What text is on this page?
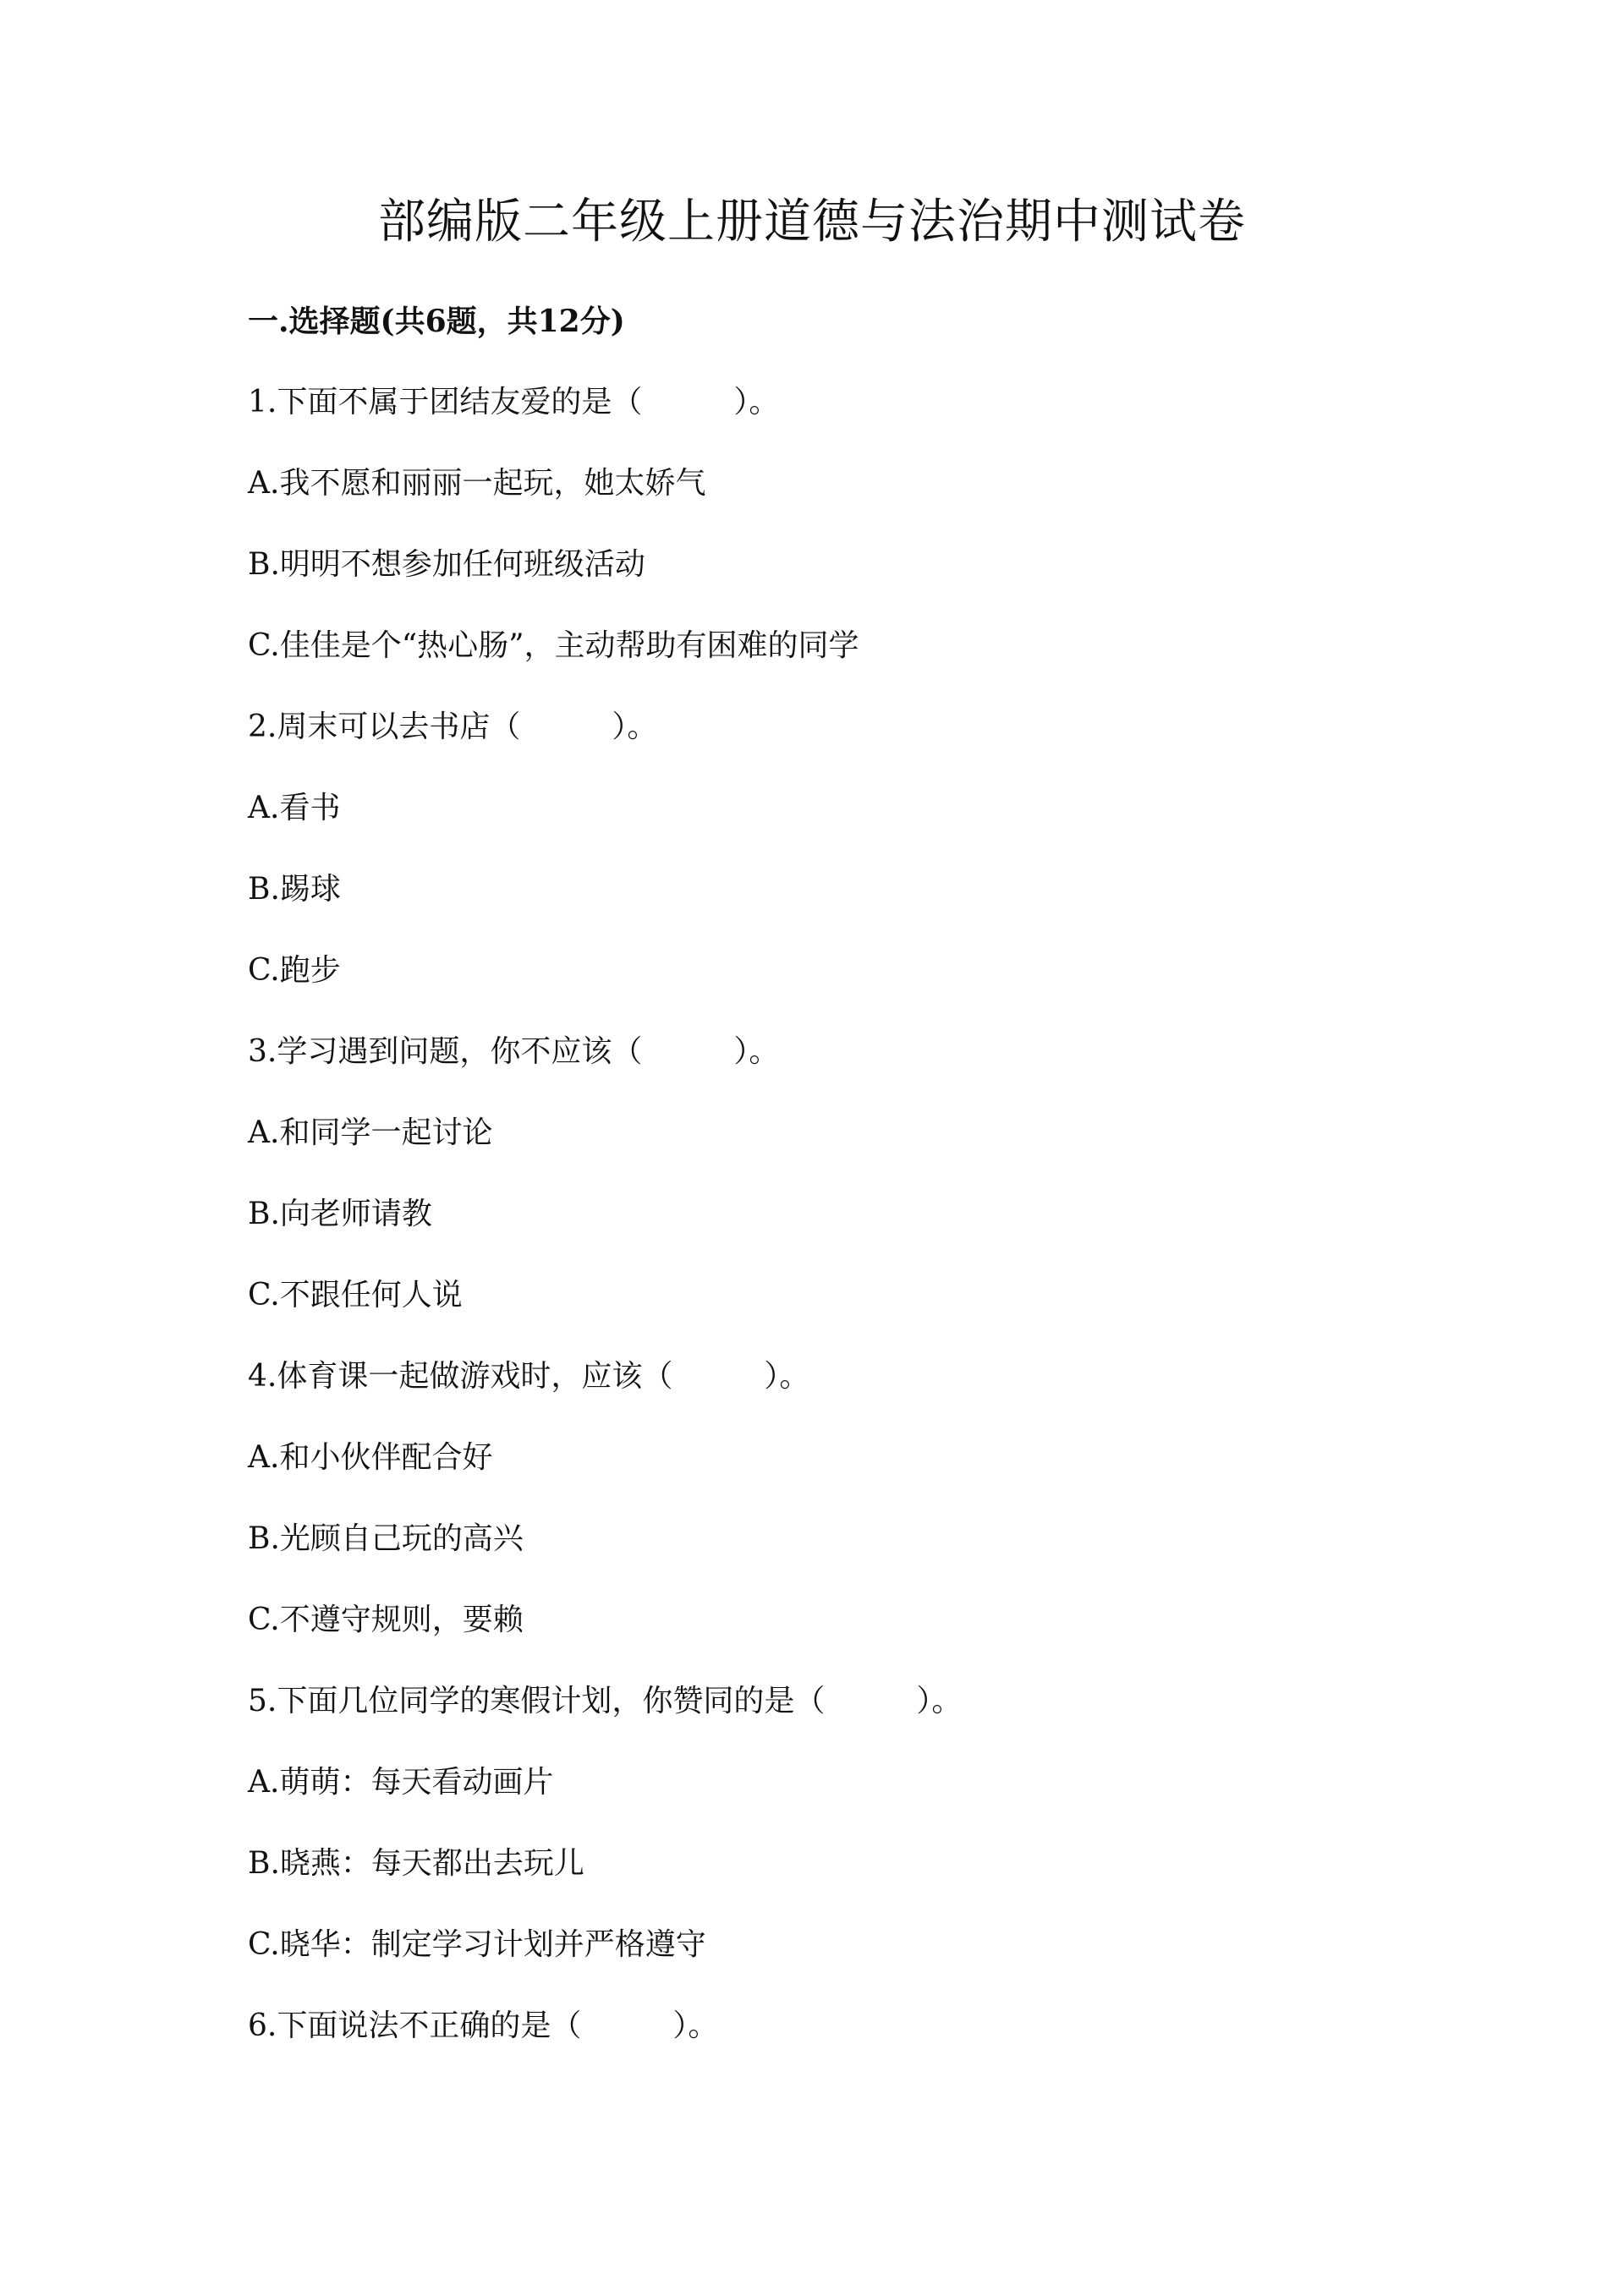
部编版二年级上册道德与法治期中测试卷
一.选择题(共6题，共12分)
1.下面不属于团结友爱的是（　　　）。
A.我不愿和丽丽一起玩，她太娇气
B.明明不想参加任何班级活动
C.佳佳是个“热心肠”，主动帮助有困难的同学
2.周末可以去书店（　　　）。
A.看书
B.踢球
C.跑步
3.学习遇到问题，你不应该（　　　）。
A.和同学一起讨论
B.向老师请教
C.不跟任何人说
4.体育课一起做游戏时，应该（　　　）。
A.和小伙伴配合好
B.光顾自己玩的高兴
C.不遵守规则，要赖
5.下面几位同学的寒假计划，你赞同的是（　　　）。
A.萌萌：每天看动画片
B.晓燕：每天都出去玩儿
C.晓华：制定学习计划并严格遵守
6.下面说法不正确的是（　　　）。
